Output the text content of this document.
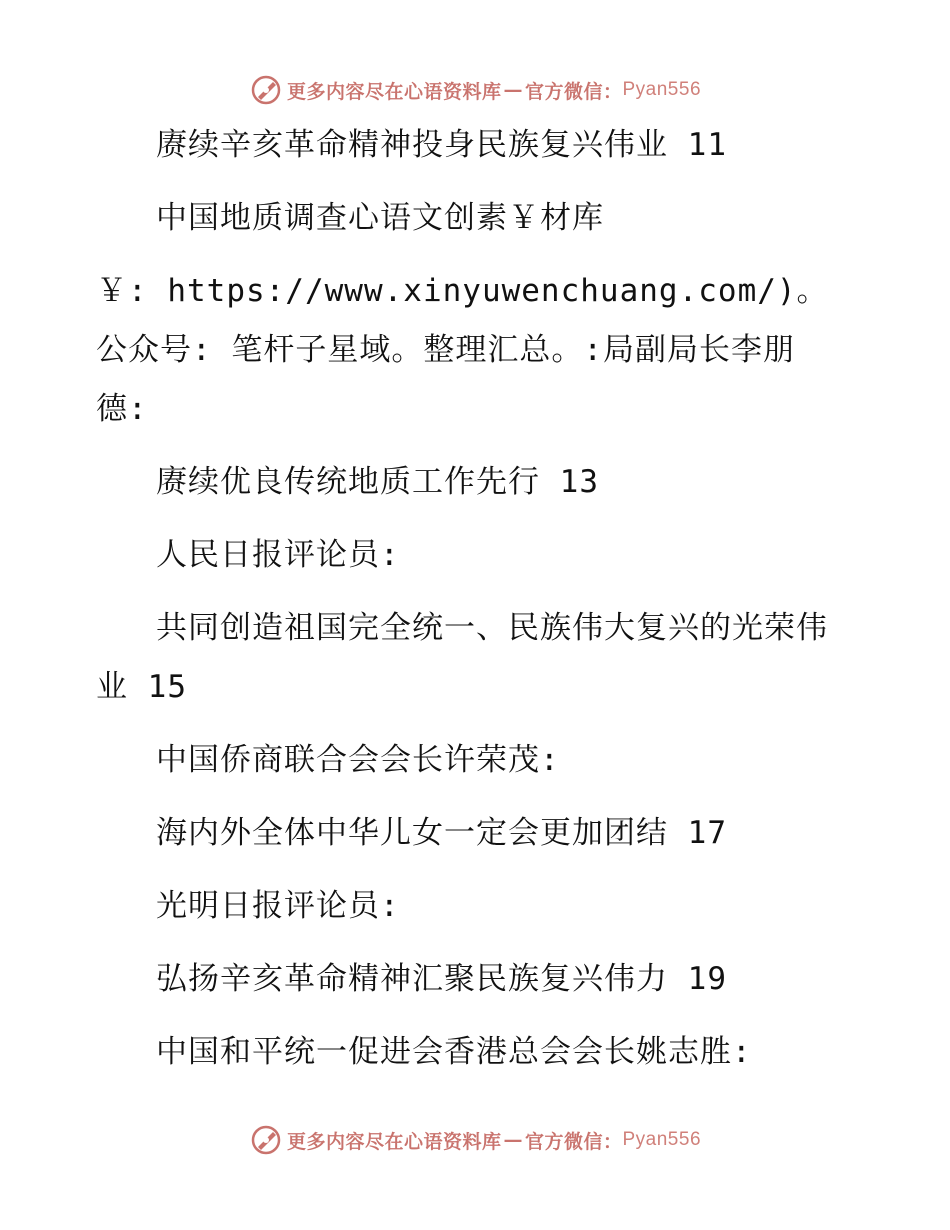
更多内容尽在心语资料库 — 官方微信： Pyan556

赓续辛亥革命精神投身民族复兴伟业 11

中国地质调查心语文创素￥材库

￥: https://www.xinyuwenchuang.com/)。公众号: 笔杆子星域。整理汇总。:局副局长李朋德:

赓续优良传统地质工作先行 13

人民日报评论员:

共同创造祖国完全统一、民族伟大复兴的光荣伟业 15

中国侨商联合会会长许荣茂:

海内外全体中华儿女一定会更加团结 17

光明日报评论员:

弘扬辛亥革命精神汇聚民族复兴伟力 19

中国和平统一促进会香港总会会长姚志胜:

更多内容尽在心语资料库 — 官方微信： Pyan556
